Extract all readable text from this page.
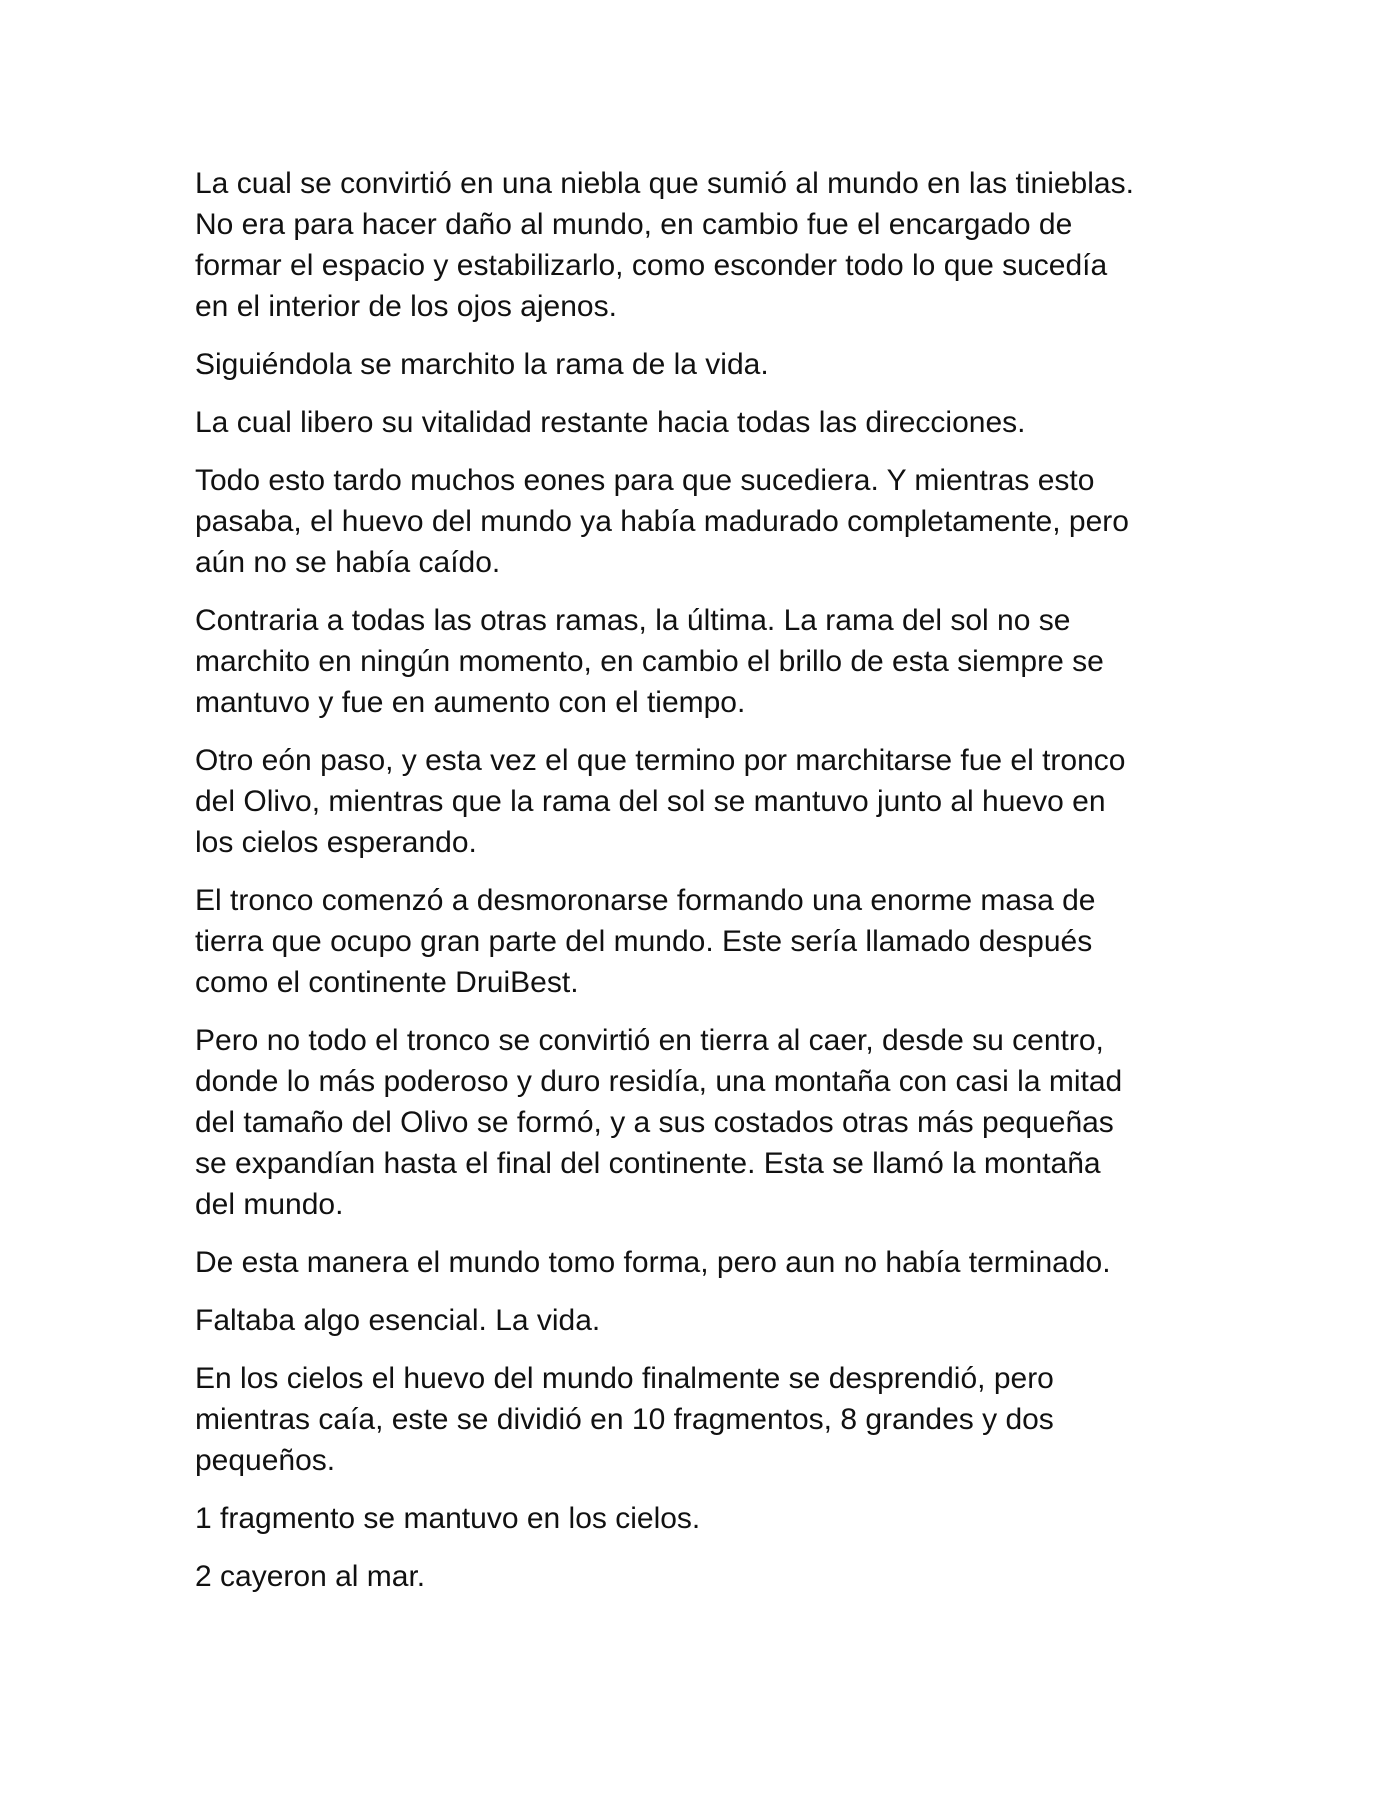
La cual se convirtió en una niebla que sumió al mundo en las tinieblas.
No era para hacer daño al mundo, en cambio fue el encargado de
formar el espacio y estabilizarlo, como esconder todo lo que sucedía
en el interior de los ojos ajenos.

Siguiéndola se marchito la rama de la vida.

La cual libero su vitalidad restante hacia todas las direcciones.

Todo esto tardo muchos eones para que sucediera. Y mientras esto
pasaba, el huevo del mundo ya había madurado completamente, pero
aún no se había caído.

Contraria a todas las otras ramas, la última. La rama del sol no se
marchito en ningún momento, en cambio el brillo de esta siempre se
mantuvo y fue en aumento con el tiempo.

Otro eón paso, y esta vez el que termino por marchitarse fue el tronco
del Olivo, mientras que la rama del sol se mantuvo junto al huevo en
los cielos esperando.

El tronco comenzó a desmoronarse formando una enorme masa de
tierra que ocupo gran parte del mundo. Este sería llamado después
como el continente DruiBest.

Pero no todo el tronco se convirtió en tierra al caer, desde su centro,
donde lo más poderoso y duro residía, una montaña con casi la mitad
del tamaño del Olivo se formó, y a sus costados otras más pequeñas
se expandían hasta el final del continente. Esta se llamó la montaña
del mundo.

De esta manera el mundo tomo forma, pero aun no había terminado.

Faltaba algo esencial. La vida.

En los cielos el huevo del mundo finalmente se desprendió, pero
mientras caía, este se dividió en 10 fragmentos, 8 grandes y dos
pequeños.

1 fragmento se mantuvo en los cielos.

2 cayeron al mar.
